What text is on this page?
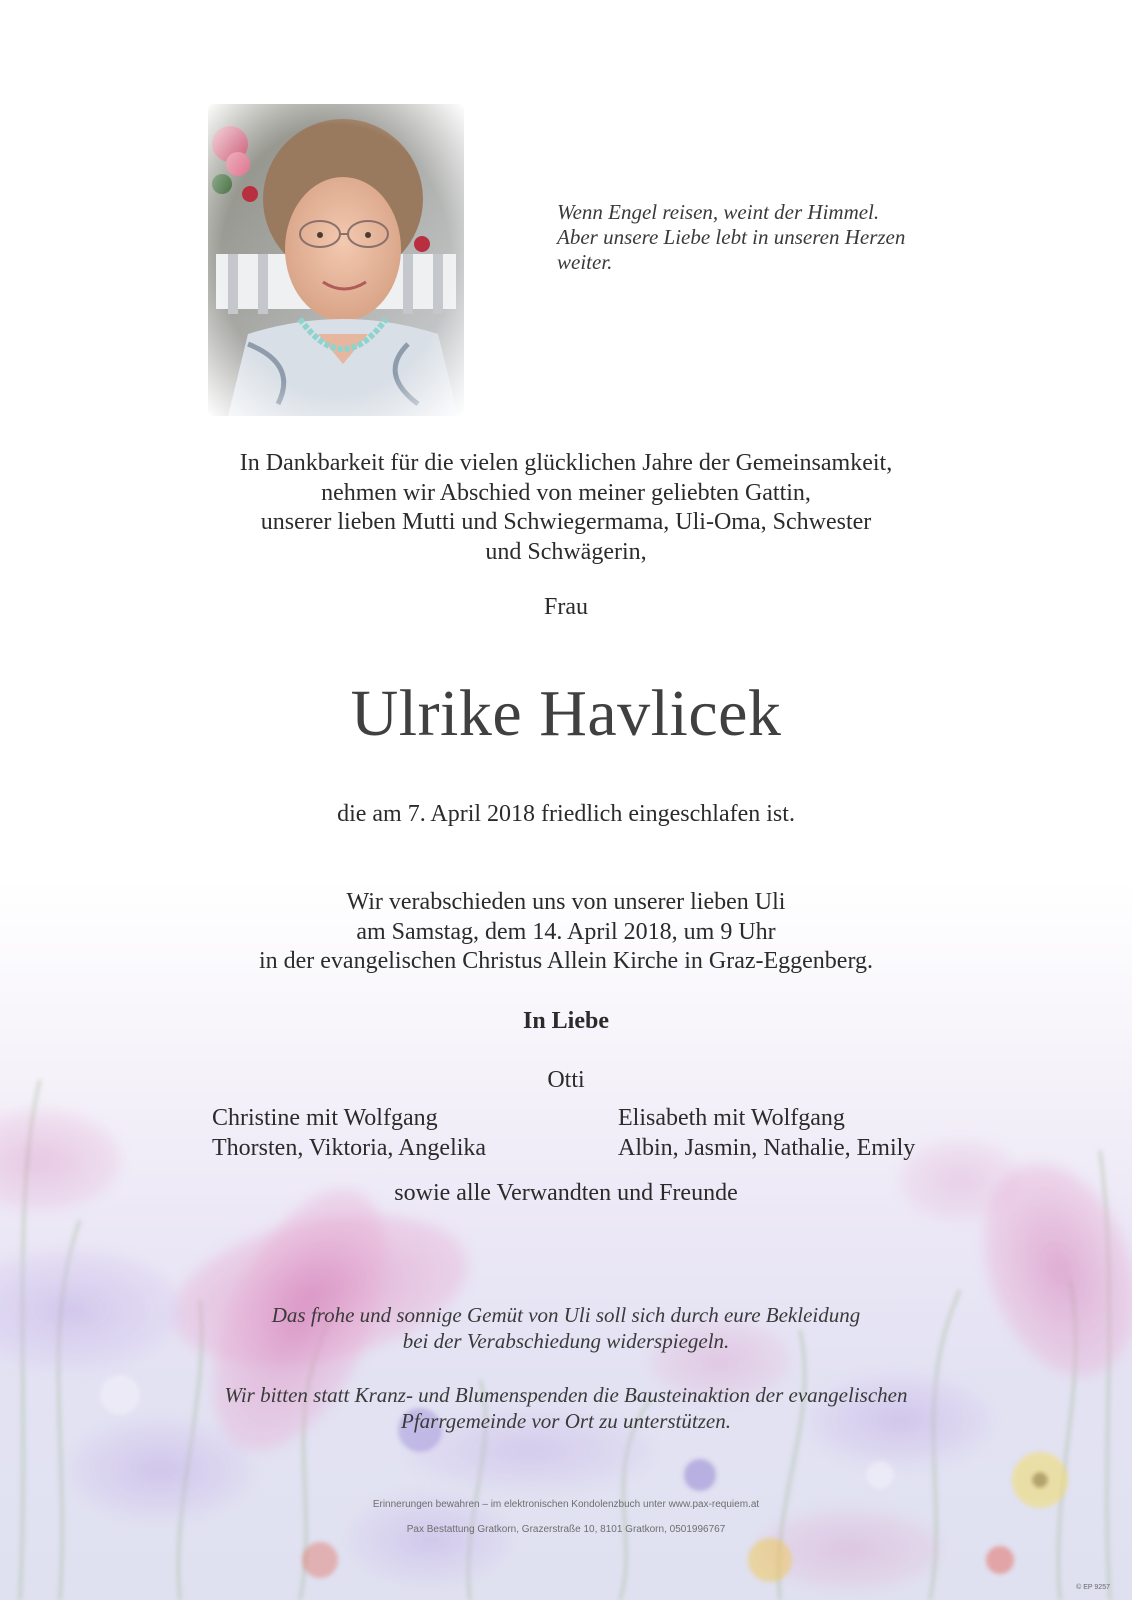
Wenn Engel reisen, weint der Himmel.
Aber unsere Liebe lebt in unseren Herzen
weiter.
In Dankbarkeit für die vielen glücklichen Jahre der Gemeinsamkeit,
nehmen wir Abschied von meiner geliebten Gattin,
unserer lieben Mutti und Schwiegermama, Uli-Oma, Schwester
und Schwägerin,
Frau
Ulrike Havlicek
die am 7. April 2018 friedlich eingeschlafen ist.
Wir verabschieden uns von unserer lieben Uli
am Samstag, dem 14. April 2018, um 9 Uhr
in der evangelischen Christus Allein Kirche in Graz-Eggenberg.
In Liebe
Otti
Christine mit Wolfgang
Thorsten, Viktoria, Angelika
Elisabeth mit Wolfgang
Albin, Jasmin, Nathalie, Emily
sowie alle Verwandten und Freunde
Das frohe und sonnige Gemüt von Uli soll sich durch eure Bekleidung
bei der Verabschiedung widerspiegeln.
Wir bitten statt Kranz- und Blumenspenden die Bausteinaktion der evangelischen
Pfarrgemeinde vor Ort zu unterstützen.
Erinnerungen bewahren – im elektronischen Kondolenzbuch unter www.pax-requiem.at
Pax Bestattung Gratkorn, Grazerstraße 10, 8101 Gratkorn, 0501996767
© EP 9257
